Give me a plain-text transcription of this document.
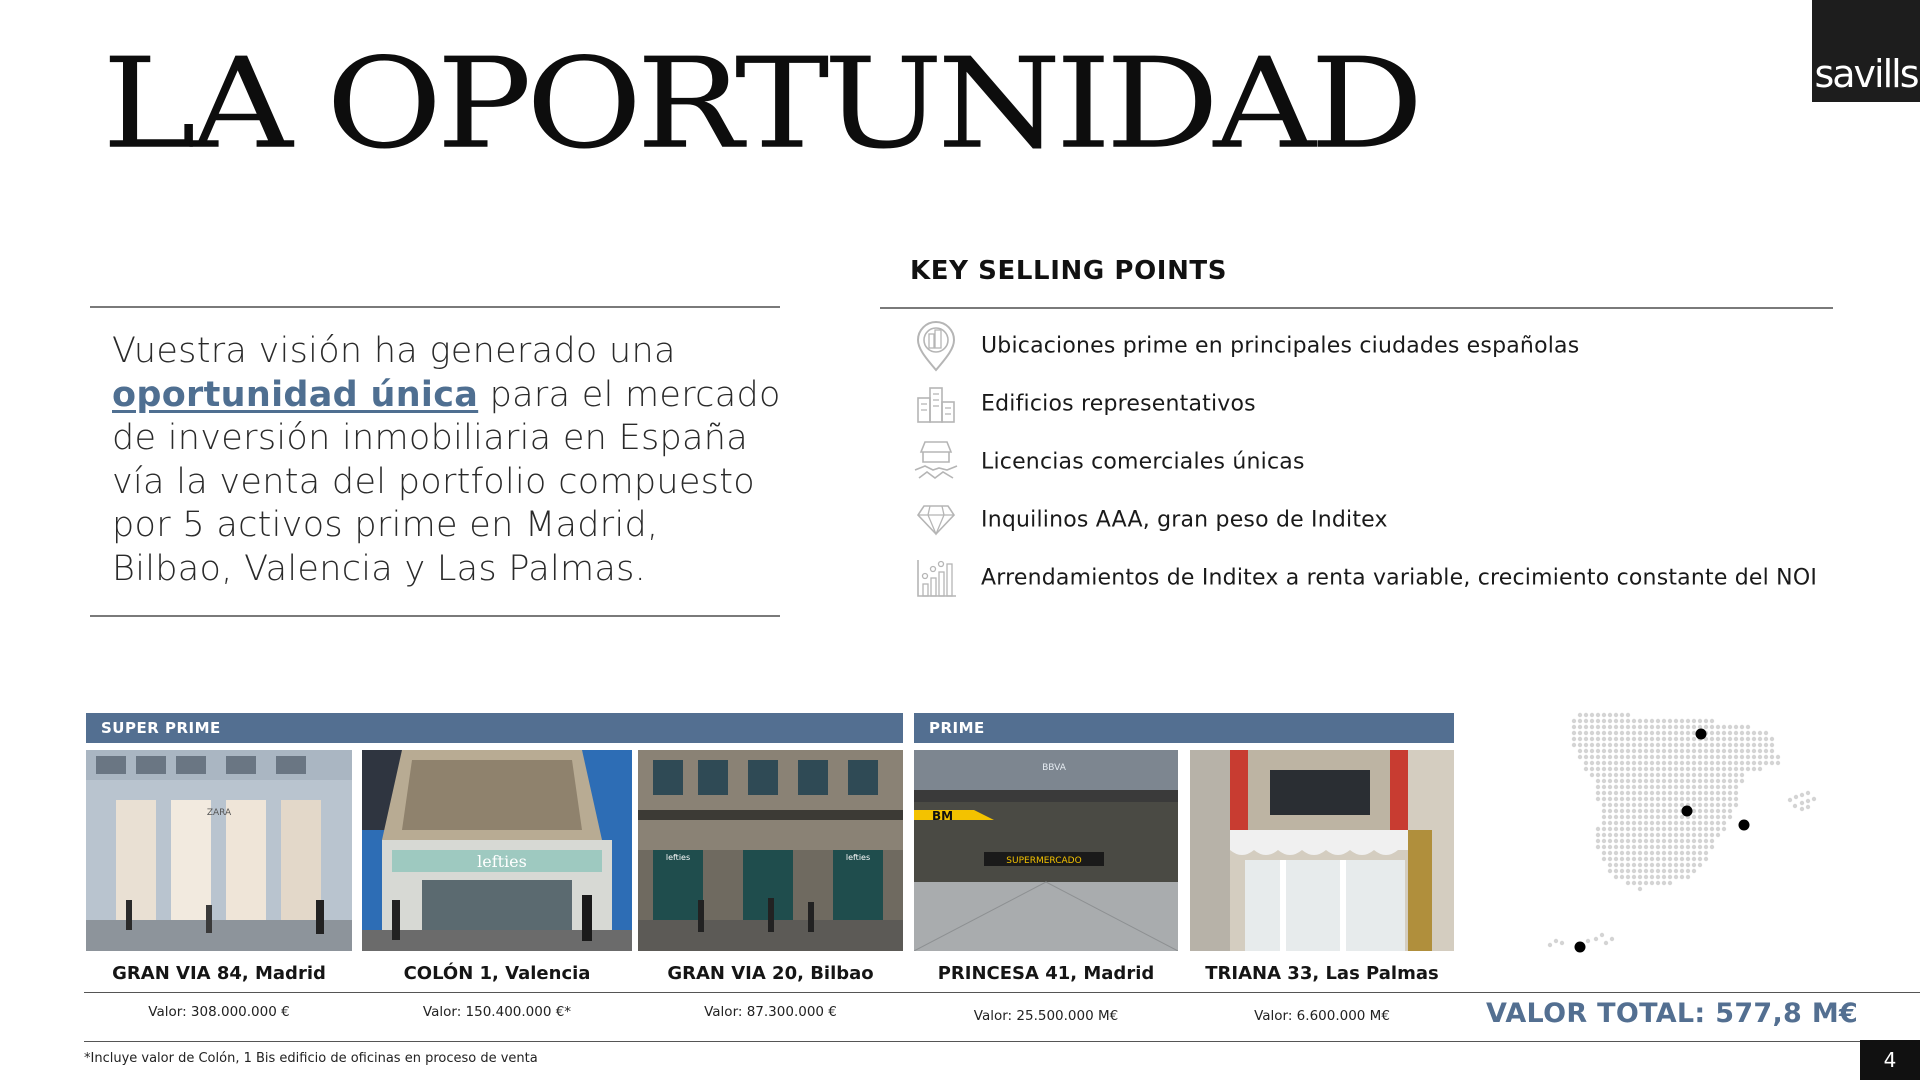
savills
LA OPORTUNIDAD
Vuestra visión ha generado una
oportunidad única para el mercado
de inversión inmobiliaria en España
vía la venta del portfolio compuesto
por 5 activos prime en Madrid,
Bilbao, Valencia y Las Palmas.
KEY SELLING POINTS
Ubicaciones prime en principales ciudades españolas
Edificios representativos
Licencias comerciales únicas
Inquilinos AAA, gran peso de Inditex
Arrendamientos de Inditex a renta variable, crecimiento constante del NOI
SUPER PRIME	PRIME
ZARA
lefties	lefties	lefties
BM
SUPERMERCADO
BBVA
GRAN VIA 84, Madrid	COLÓN 1, Valencia	GRAN VIA 20, Bilbao	PRINCESA 41, Madrid	TRIANA 33, Las Palmas
Valor: 308.000.000 €	Valor: 150.400.000 €*	Valor: 87.300.000 €	Valor: 25.500.000 M€	Valor: 6.600.000 M€	VALOR TOTAL: 577,8 M€
*Incluye valor de Colón, 1 Bis edificio de oficinas en proceso de venta	4
